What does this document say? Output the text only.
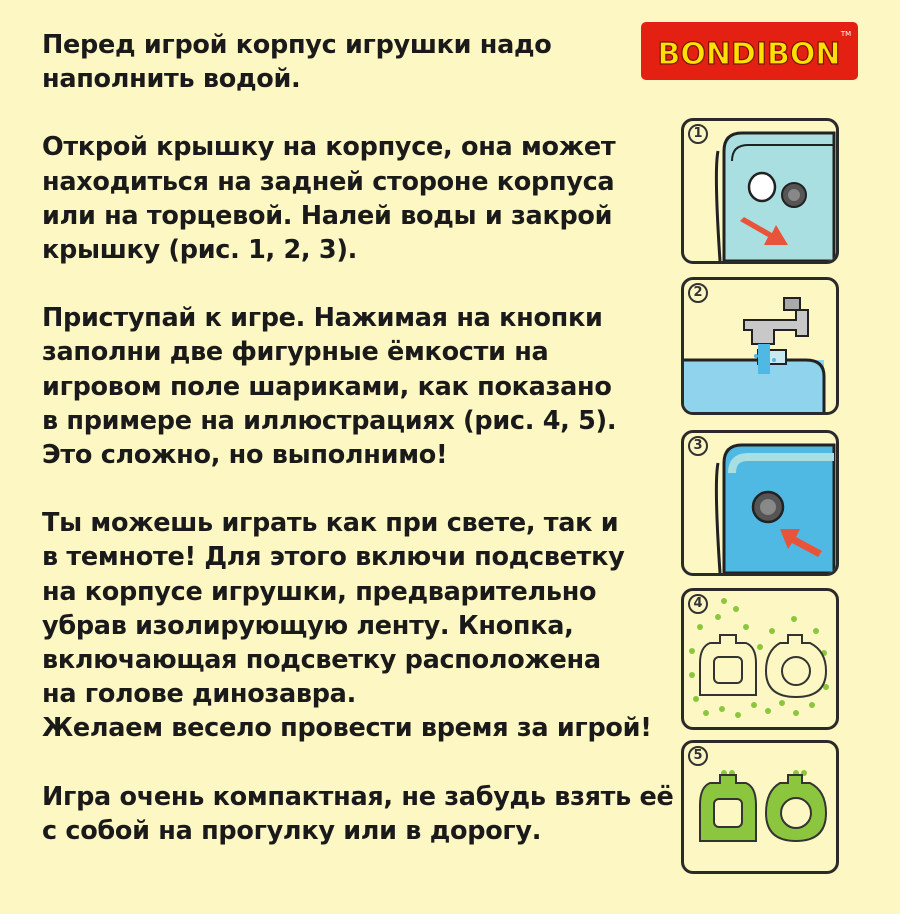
Перед игрой корпус игрушки надо
наполнить водой.

Открой крышку на корпусе, она может
находиться на задней стороне корпуса
или на торцевой. Налей воды и закрой
крышку (рис. 1, 2, 3).

Приступай к игре. Нажимая на кнопки
заполни две фигурные ёмкости на
игровом поле шариками, как показано
в примере на иллюстрациях (рис. 4, 5).
Это сложно, но выполнимо!

Ты можешь играть как при свете, так и
в темноте! Для этого включи подсветку
на корпусе игрушки, предварительно
убрав изолирующую ленту. Кнопка,
включающая подсветку расположена
на голове динозавра.
Желаем весело провести время за игрой!

Игра очень компактная, не забудь взять её
с собой на прогулку или в дорогу.

BONDIBON
TM
1
2
3
4
5
